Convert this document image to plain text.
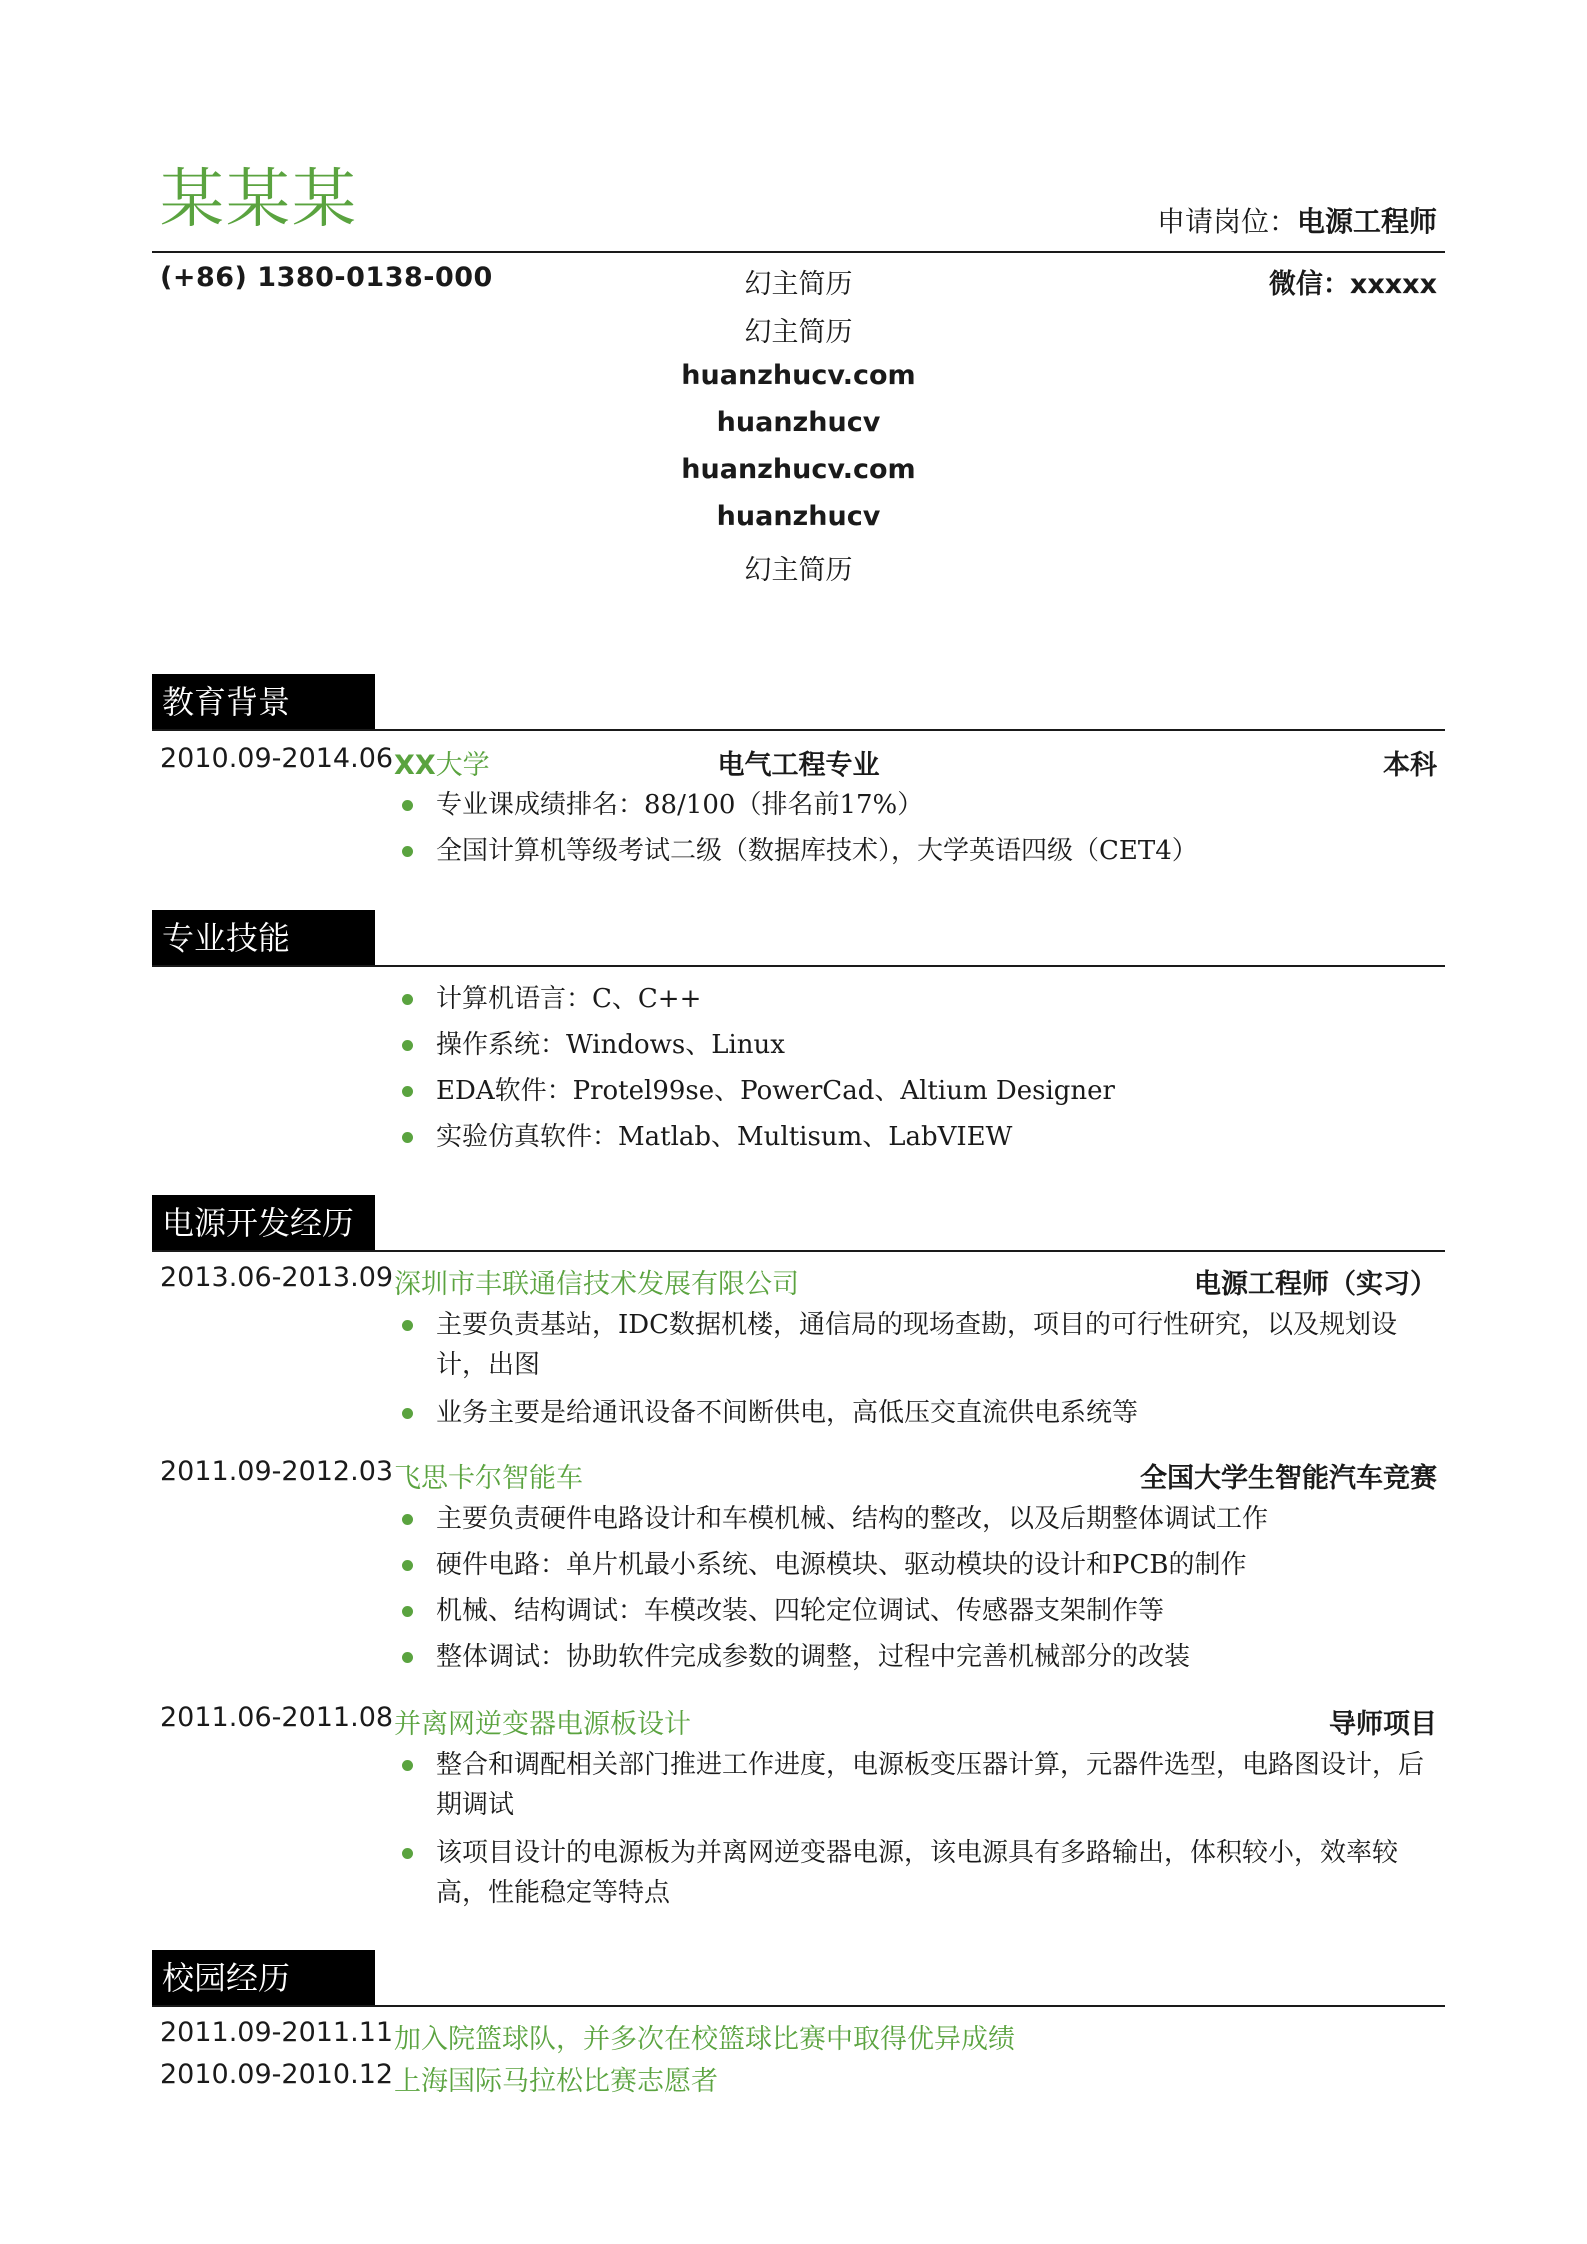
某某某	申请岗位：电源工程师
(+86) 1380-0138-000	微信：xxxxx
幻主简历
幻主简历
huanzhucv.com
huanzhucv
huanzhucv.com
huanzhucv
幻主简历
教育背景
2010.09-2014.06 XX大学	电气工程专业	本科
专业课成绩排名：88/100（排名前17%）
全国计算机等级考试二级（数据库技术），大学英语四级（CET4）
专业技能
计算机语言：C、C++
操作系统：Windows、Linux
EDA软件：Protel99se、PowerCad、Altium Designer
实验仿真软件：Matlab、Multisum、LabVIEW
电源开发经历
2013.06-2013.09 深圳市丰联通信技术发展有限公司	电源工程师（实习）
主要负责基站，IDC数据机楼，通信局的现场查勘，项目的可行性研究，以及规划设计，出图
业务主要是给通讯设备不间断供电，高低压交直流供电系统等
2011.09-2012.03 飞思卡尔智能车	全国大学生智能汽车竞赛
主要负责硬件电路设计和车模机械、结构的整改，以及后期整体调试工作
硬件电路：单片机最小系统、电源模块、驱动模块的设计和PCB的制作
机械、结构调试：车模改装、四轮定位调试、传感器支架制作等
整体调试：协助软件完成参数的调整，过程中完善机械部分的改装
2011.06-2011.08 并离网逆变器电源板设计	导师项目
整合和调配相关部门推进工作进度，电源板变压器计算，元器件选型，电路图设计，后期调试
该项目设计的电源板为并离网逆变器电源，该电源具有多路输出，体积较小，效率较高，性能稳定等特点
校园经历
2011.09-2011.11 加入院篮球队，并多次在校篮球比赛中取得优异成绩
2010.09-2010.12 上海国际马拉松比赛志愿者
